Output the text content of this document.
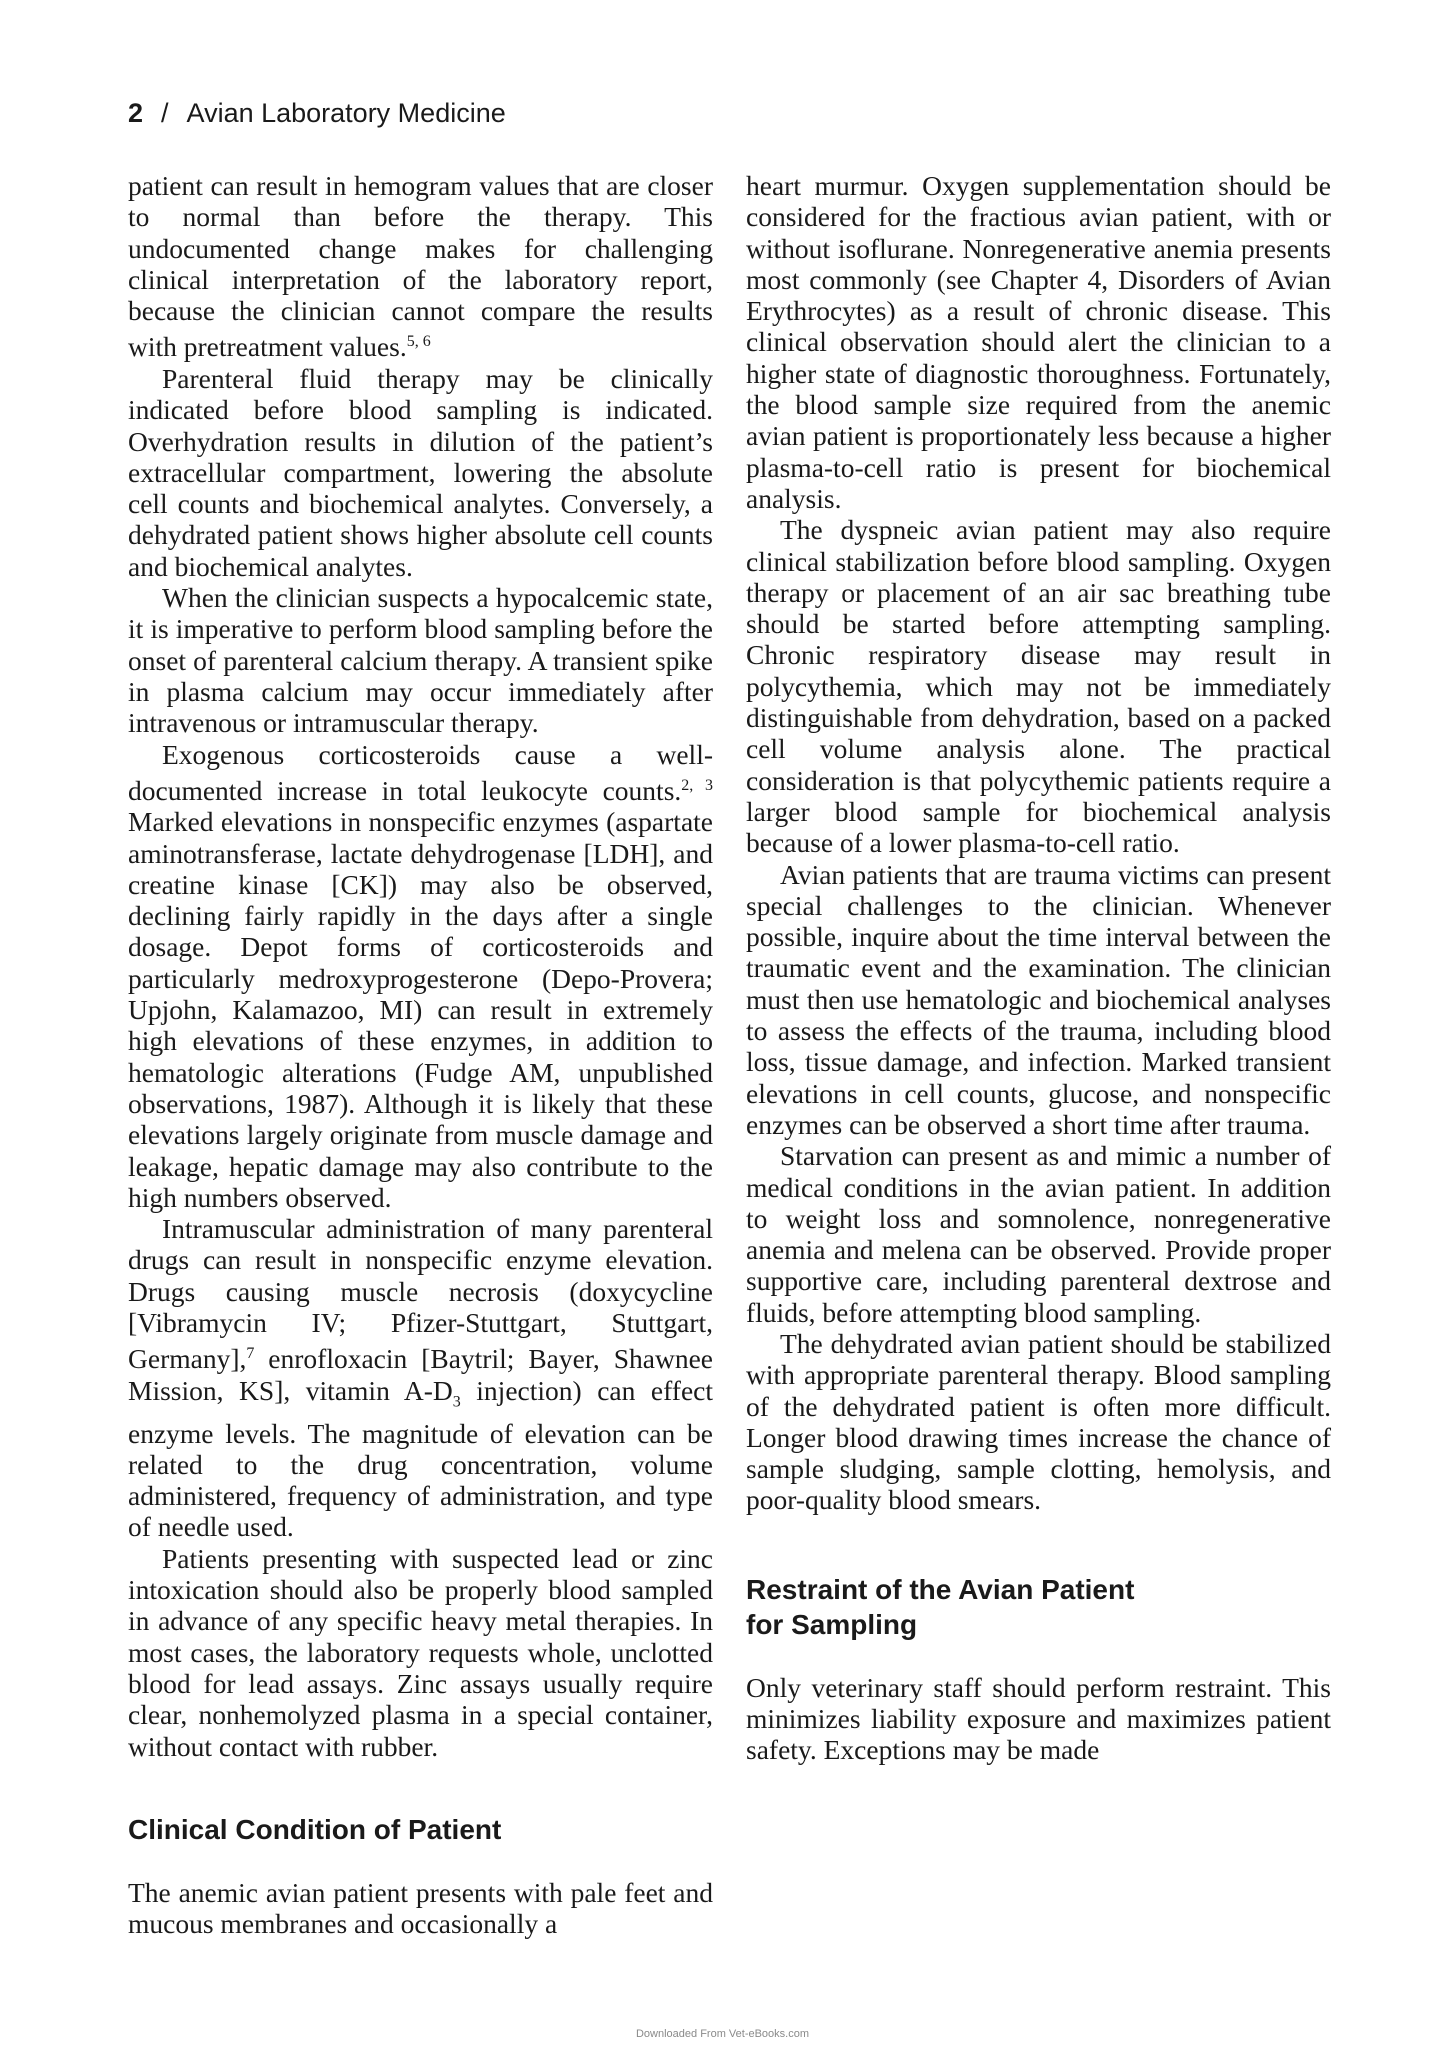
2 / Avian Laboratory Medicine

patient can result in hemogram values that are closer to normal than before the therapy. This undocumented change makes for challenging clinical interpretation of the laboratory report, because the clinician cannot compare the results with pretreatment values.$^{5, 6}$

Parenteral fluid therapy may be clinically indicated before blood sampling is indicated. Overhydration results in dilution of the patient’s extracellular compartment, lowering the absolute cell counts and biochemical analytes. Conversely, a dehydrated patient shows higher absolute cell counts and biochemical analytes.

When the clinician suspects a hypocalcemic state, it is imperative to perform blood sampling before the onset of parenteral calcium therapy. A transient spike in plasma calcium may occur immediately after intravenous or intramuscular therapy.

Exogenous corticosteroids cause a well-documented increase in total leukocyte counts.$^{2, 3}$ Marked elevations in nonspecific enzymes (aspartate aminotransferase, lactate dehydrogenase [LDH], and creatine kinase [CK]) may also be observed, declining fairly rapidly in the days after a single dosage. Depot forms of corticosteroids and particularly medroxyprogesterone (Depo-Provera; Upjohn, Kalamazoo, MI) can result in extremely high elevations of these enzymes, in addition to hematologic alterations (Fudge AM, unpublished observations, 1987). Although it is likely that these elevations largely originate from muscle damage and leakage, hepatic damage may also contribute to the high numbers observed.

Intramuscular administration of many parenteral drugs can result in nonspecific enzyme elevation. Drugs causing muscle necrosis (doxycycline [Vibramycin IV; Pfizer-Stuttgart, Stuttgart, Germany],$^7$ enrofloxacin [Baytril; Bayer, Shawnee Mission, KS], vitamin $A-D_3$ injection) can effect enzyme levels. The magnitude of elevation can be related to the drug concentration, volume administered, frequency of administration, and type of needle used.

Patients presenting with suspected lead or zinc intoxication should also be properly blood sampled in advance of any specific heavy metal therapies. In most cases, the laboratory requests whole, unclotted blood for lead assays. Zinc assays usually require clear, nonhemolyzed plasma in a special container, without contact with rubber.

Clinical Condition of Patient

The anemic avian patient presents with pale feet and mucous membranes and occasionally a

heart murmur. Oxygen supplementation should be considered for the fractious avian patient, with or without isoflurane. Nonregenerative anemia presents most commonly (see Chapter 4, Disorders of Avian Erythrocytes) as a result of chronic disease. This clinical observation should alert the clinician to a higher state of diagnostic thoroughness. Fortunately, the blood sample size required from the anemic avian patient is proportionately less because a higher plasma-to-cell ratio is present for biochemical analysis.

The dyspneic avian patient may also require clinical stabilization before blood sampling. Oxygen therapy or placement of an air sac breathing tube should be started before attempting sampling. Chronic respiratory disease may result in polycythemia, which may not be immediately distinguishable from dehydration, based on a packed cell volume analysis alone. The practical consideration is that polycythemic patients require a larger blood sample for biochemical analysis because of a lower plasma-to-cell ratio.

Avian patients that are trauma victims can present special challenges to the clinician. Whenever possible, inquire about the time interval between the traumatic event and the examination. The clinician must then use hematologic and biochemical analyses to assess the effects of the trauma, including blood loss, tissue damage, and infection. Marked transient elevations in cell counts, glucose, and nonspecific enzymes can be observed a short time after trauma.

Starvation can present as and mimic a number of medical conditions in the avian patient. In addition to weight loss and somnolence, nonregenerative anemia and melena can be observed. Provide proper supportive care, including parenteral dextrose and fluids, before attempting blood sampling.

The dehydrated avian patient should be stabilized with appropriate parenteral therapy. Blood sampling of the dehydrated patient is often more difficult. Longer blood drawing times increase the chance of sample sludging, sample clotting, hemolysis, and poor-quality blood smears.

Restraint of the Avian Patient
for Sampling

Only veterinary staff should perform restraint. This minimizes liability exposure and maximizes patient safety. Exceptions may be made

Downloaded From Vet-eBooks.com
